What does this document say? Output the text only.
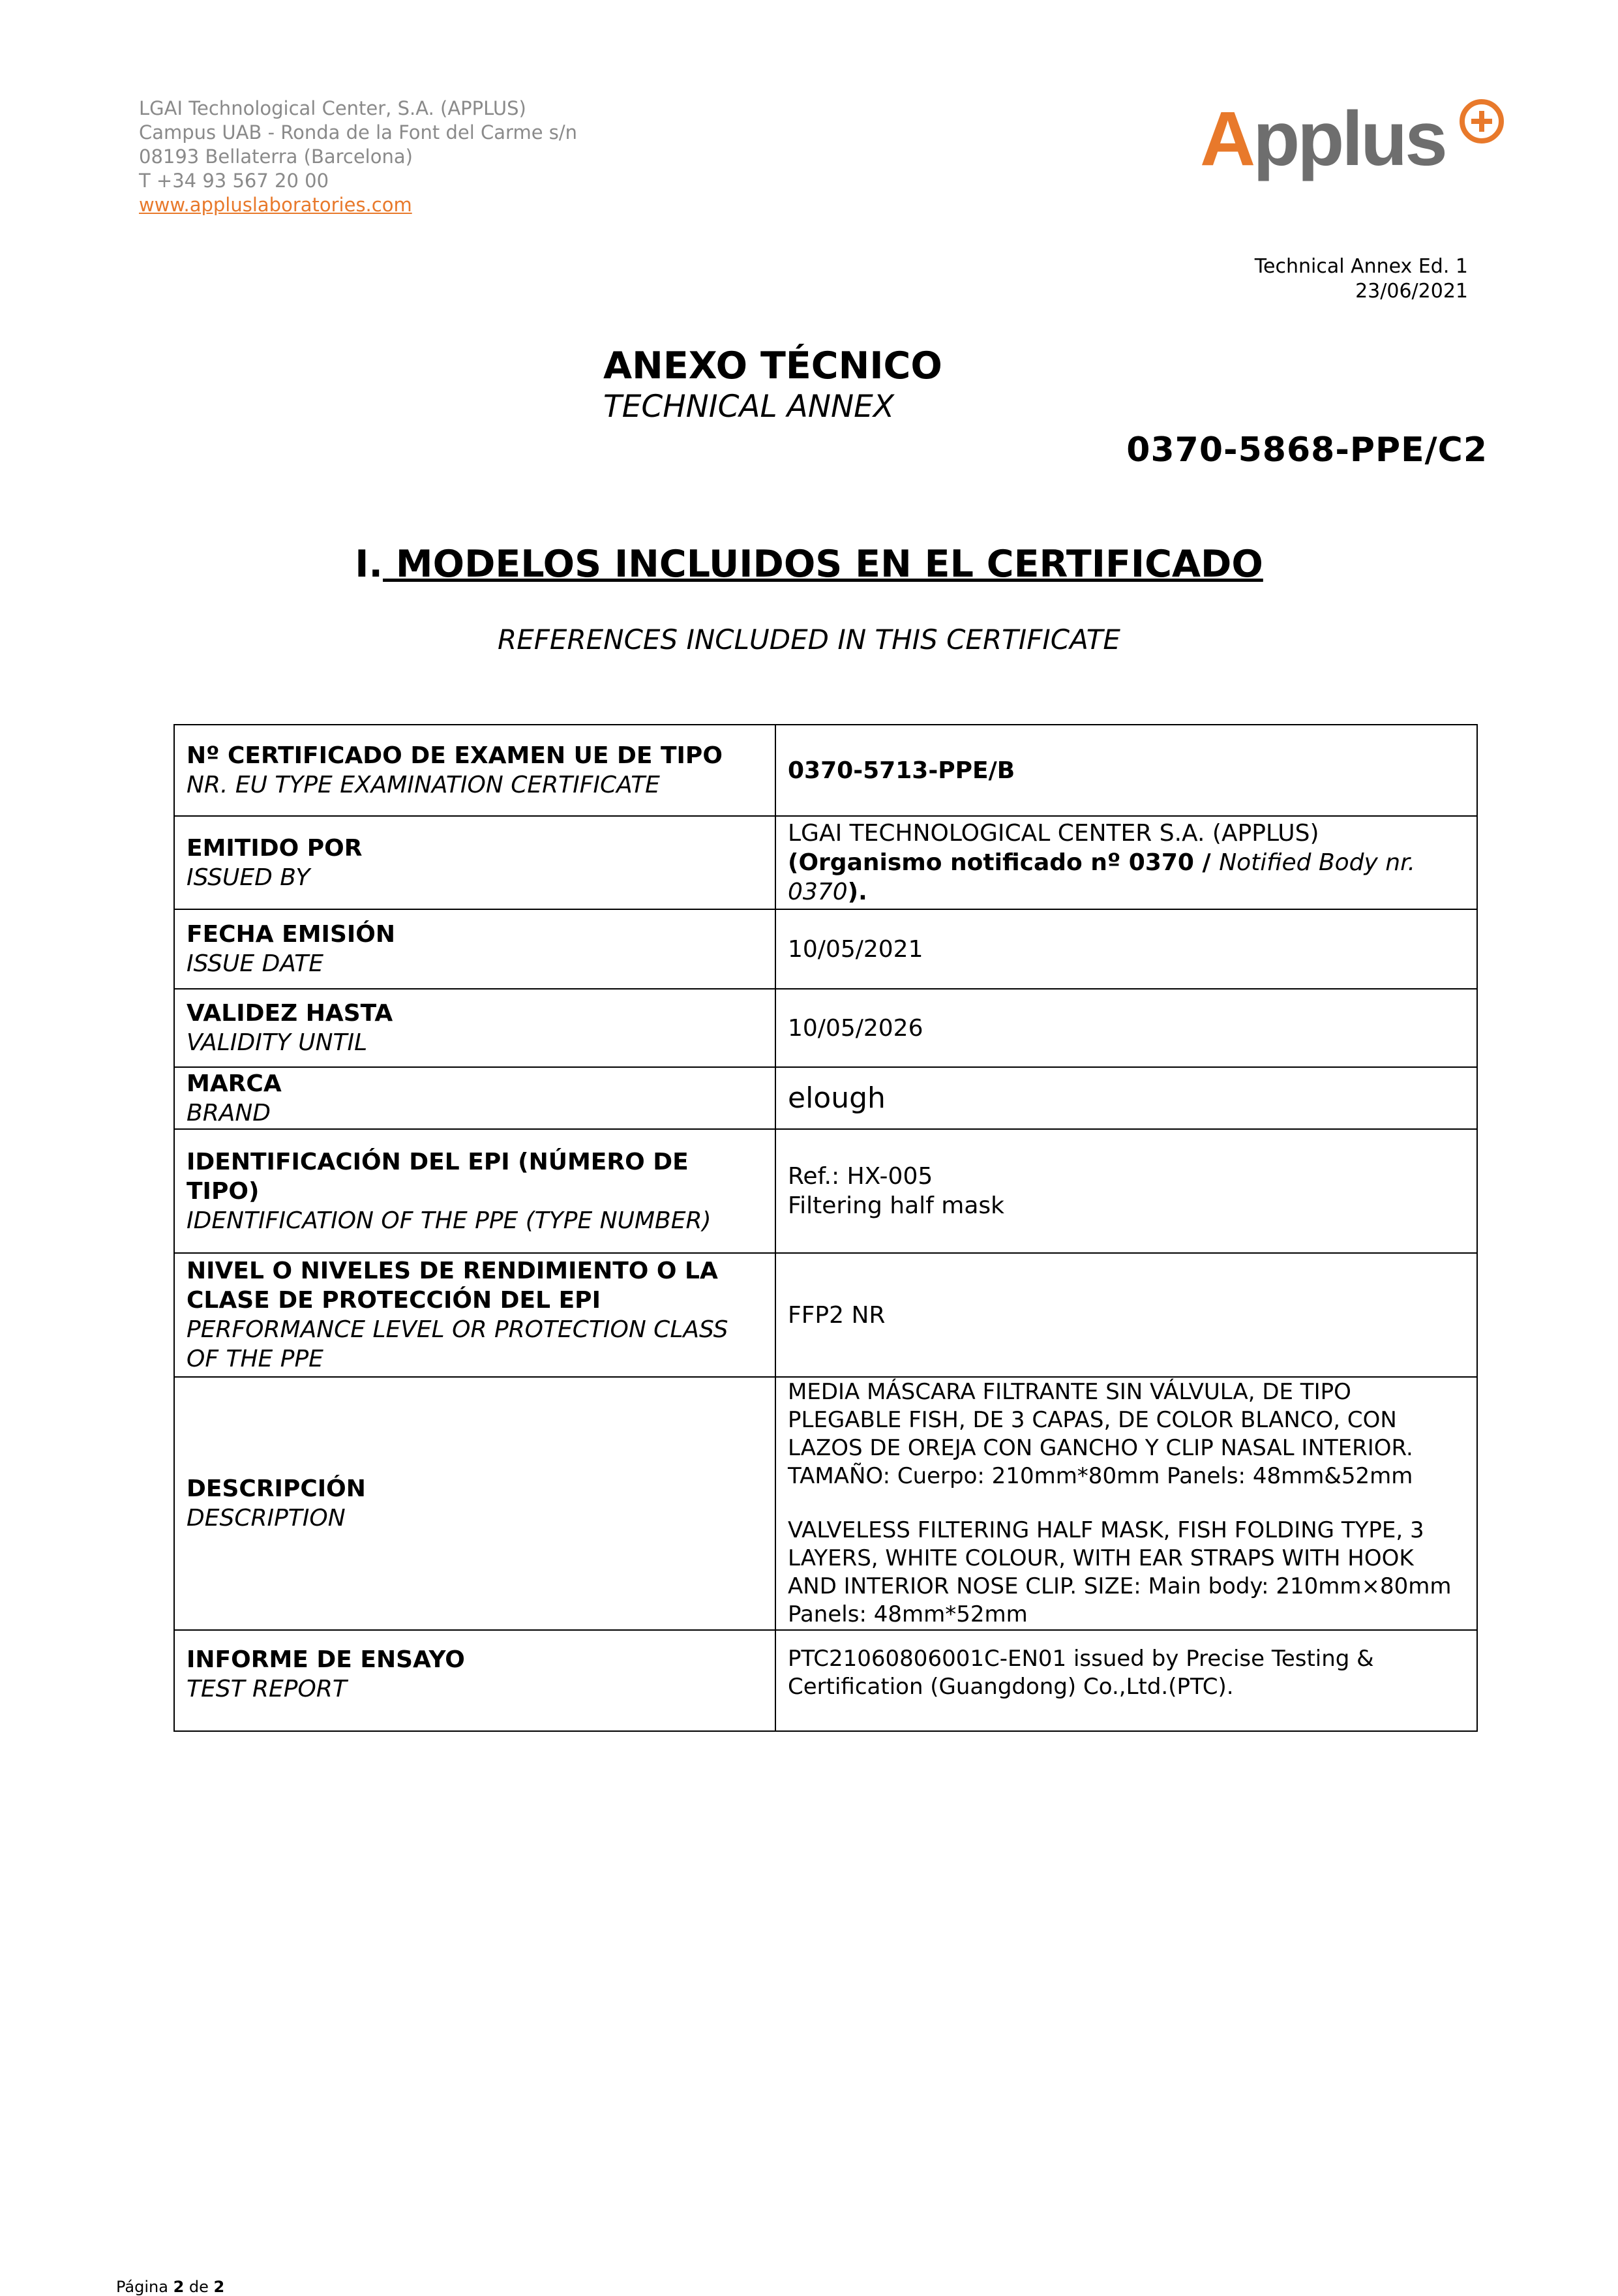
LGAI Technological Center, S.A. (APPLUS)
Campus UAB - Ronda de la Font del Carme s/n
08193 Bellaterra (Barcelona)
T +34 93 567 20 00
www.appluslaboratories.com
Applus
Technical Annex Ed. 1
23/06/2021
ANEXO TÉCNICO
TECHNICAL ANNEX
0370-5868-PPE/C2
I. MODELOS INCLUIDOS EN EL CERTIFICADO
REFERENCES INCLUDED IN THIS CERTIFICATE
Nº CERTIFICADO DE EXAMEN UE DE TIPO
NR. EU TYPE EXAMINATION CERTIFICATE	0370-5713-PPE/B

EMITIDO POR
ISSUED BY	LGAI TECHNOLOGICAL CENTER S.A. (APPLUS)
(Organismo notificado nº 0370 / Notified Body nr. 0370).

FECHA EMISIÓN
ISSUE DATE	10/05/2021

VALIDEZ HASTA
VALIDITY UNTIL	10/05/2026

MARCA
BRAND	elough

IDENTIFICACIÓN DEL EPI (NÚMERO DE TIPO)
IDENTIFICATION OF THE PPE (TYPE NUMBER)	Ref.: HX-005
Filtering half mask

NIVEL O NIVELES DE RENDIMIENTO O LA CLASE DE PROTECCIÓN DEL EPI
PERFORMANCE LEVEL OR PROTECTION CLASS OF THE PPE	FFP2 NR

DESCRIPCIÓN
DESCRIPTION	MEDIA MÁSCARA FILTRANTE SIN VÁLVULA, DE TIPO PLEGABLE FISH, DE 3 CAPAS, DE COLOR BLANCO, CON LAZOS DE OREJA CON GANCHO Y CLIP NASAL INTERIOR. TAMAÑO: Cuerpo: 210mm*80mm Panels: 48mm&52mm
VALVELESS FILTERING HALF MASK, FISH FOLDING TYPE, 3 LAYERS, WHITE COLOUR, WITH EAR STRAPS WITH HOOK AND INTERIOR NOSE CLIP. SIZE: Main body: 210mm×80mm Panels: 48mm*52mm

INFORME DE ENSAYO
TEST REPORT	PTC21060806001C-EN01 issued by Precise Testing & Certification (Guangdong) Co.,Ltd.(PTC).
Página 2 de 2
